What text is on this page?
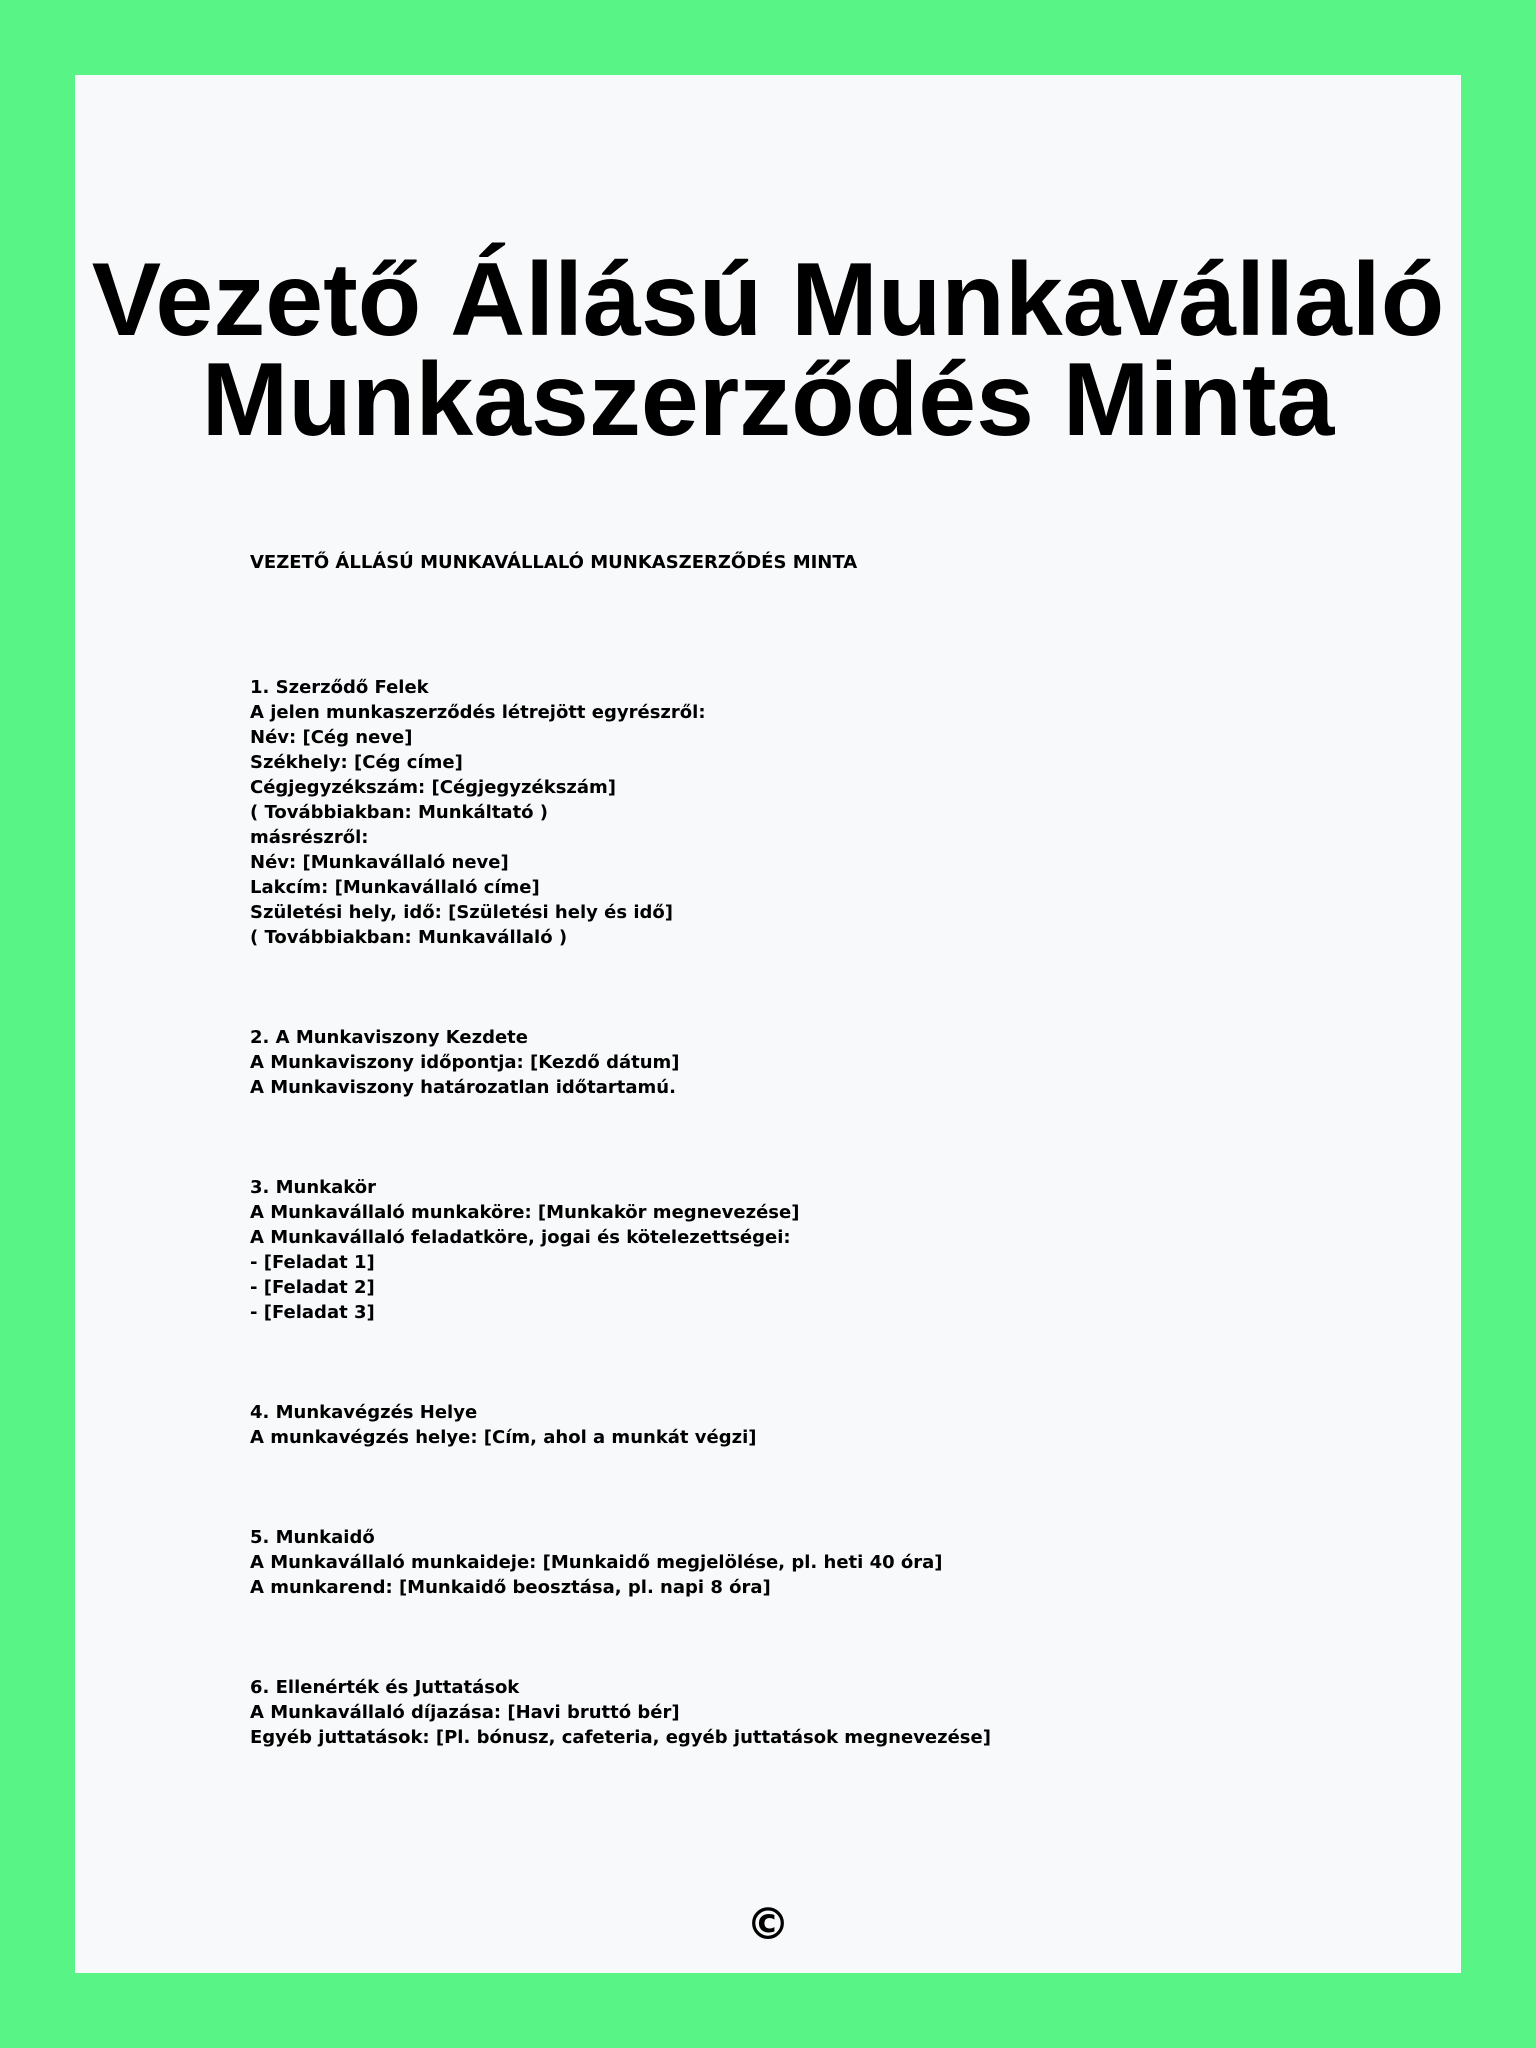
Vezető Állású Munkavállaló
Munkaszerződés Minta
VEZETŐ ÁLLÁSÚ MUNKAVÁLLALÓ MUNKASZERZŐDÉS MINTA
1. Szerződő Felek
A jelen munkaszerződés létrejött egyrészről:
Név: [Cég neve]
Székhely: [Cég címe]
Cégjegyzékszám: [Cégjegyzékszám]
( Továbbiakban: Munkáltató )
másrészről:
Név: [Munkavállaló neve]
Lakcím: [Munkavállaló címe]
Születési hely, idő: [Születési hely és idő]
( Továbbiakban: Munkavállaló )
2. A Munkaviszony Kezdete
A Munkaviszony időpontja: [Kezdő dátum]
A Munkaviszony határozatlan időtartamú.
3. Munkakör
A Munkavállaló munkaköre: [Munkakör megnevezése]
A Munkavállaló feladatköre, jogai és kötelezettségei:
- [Feladat 1]
- [Feladat 2]
- [Feladat 3]
4. Munkavégzés Helye
A munkavégzés helye: [Cím, ahol a munkát végzi]
5. Munkaidő
A Munkavállaló munkaideje: [Munkaidő megjelölése, pl. heti 40 óra]
A munkarend: [Munkaidő beosztása, pl. napi 8 óra]
6. Ellenérték és Juttatások
A Munkavállaló díjazása: [Havi bruttó bér]
Egyéb juttatások: [Pl. bónusz, cafeteria, egyéb juttatások megnevezése]
©
